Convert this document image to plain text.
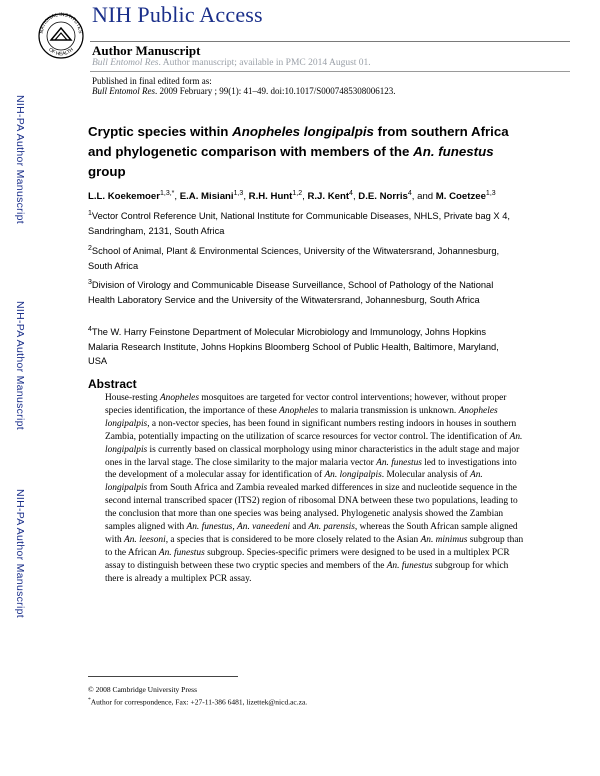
NATIONAL INSTITUTES
OF HEALTH
NIH Public Access
Author Manuscript
Bull Entomol Res. Author manuscript; available in PMC 2014 August 01.
Published in final edited form as:
Bull Entomol Res. 2009 February ; 99(1): 41–49. doi:10.1017/S0007485308006123.
NIH-PA Author Manuscript
NIH-PA Author Manuscript
NIH-PA Author Manuscript
Cryptic species within Anopheles longipalpis from southern Africa and phylogenetic comparison with members of the An. funestus group
L.L. Koekemoer$^{1,3,*}$, E.A. Misiani$^{1,3}$, R.H. Hunt$^{1,2}$, R.J. Kent$^4$, D.E. Norris$^4$, and M. Coetzee$^{1,3}$
$^1$Vector Control Reference Unit, National Institute for Communicable Diseases, NHLS, Private bag X 4, Sandringham, 2131, South Africa
$^2$School of Animal, Plant & Environmental Sciences, University of the Witwatersrand, Johannesburg, South Africa
$^3$Division of Virology and Communicable Disease Surveillance, School of Pathology of the National Health Laboratory Service and the University of the Witwatersrand, Johannesburg, South Africa
$^4$The W. Harry Feinstone Department of Molecular Microbiology and Immunology, Johns Hopkins Malaria Research Institute, Johns Hopkins Bloomberg School of Public Health, Baltimore, Maryland, USA
Abstract
House-resting Anopheles mosquitoes are targeted for vector control interventions; however, without proper species identification, the importance of these Anopheles to malaria transmission is unknown. Anopheles longipalpis, a non-vector species, has been found in significant numbers resting indoors in houses in southern Zambia, potentially impacting on the utilization of scarce resources for vector control. The identification of An. longipalpis is currently based on classical morphology using minor characteristics in the adult stage and major ones in the larval stage. The close similarity to the major malaria vector An. funestus led to investigations into the development of a molecular assay for identification of An. longipalpis. Molecular analysis of An. longipalpis from South Africa and Zambia revealed marked differences in size and nucleotide sequence in the second internal transcribed spacer (ITS2) region of ribosomal DNA between these two populations, leading to the conclusion that more than one species was being analysed. Phylogenetic analysis showed the Zambian samples aligned with An. funestus, An. vaneedeni and An. parensis, whereas the South African sample aligned with An. leesoni, a species that is considered to be more closely related to the Asian An. minimus subgroup than to the African An. funestus subgroup. Species-specific primers were designed to be used in a multiplex PCR assay to distinguish between these two cryptic species and members of the An. funestus subgroup for which there is already a multiplex PCR assay.
© 2008 Cambridge University Press
*Author for correspondence, Fax: +27-11-386 6481, lizettek@nicd.ac.za.
